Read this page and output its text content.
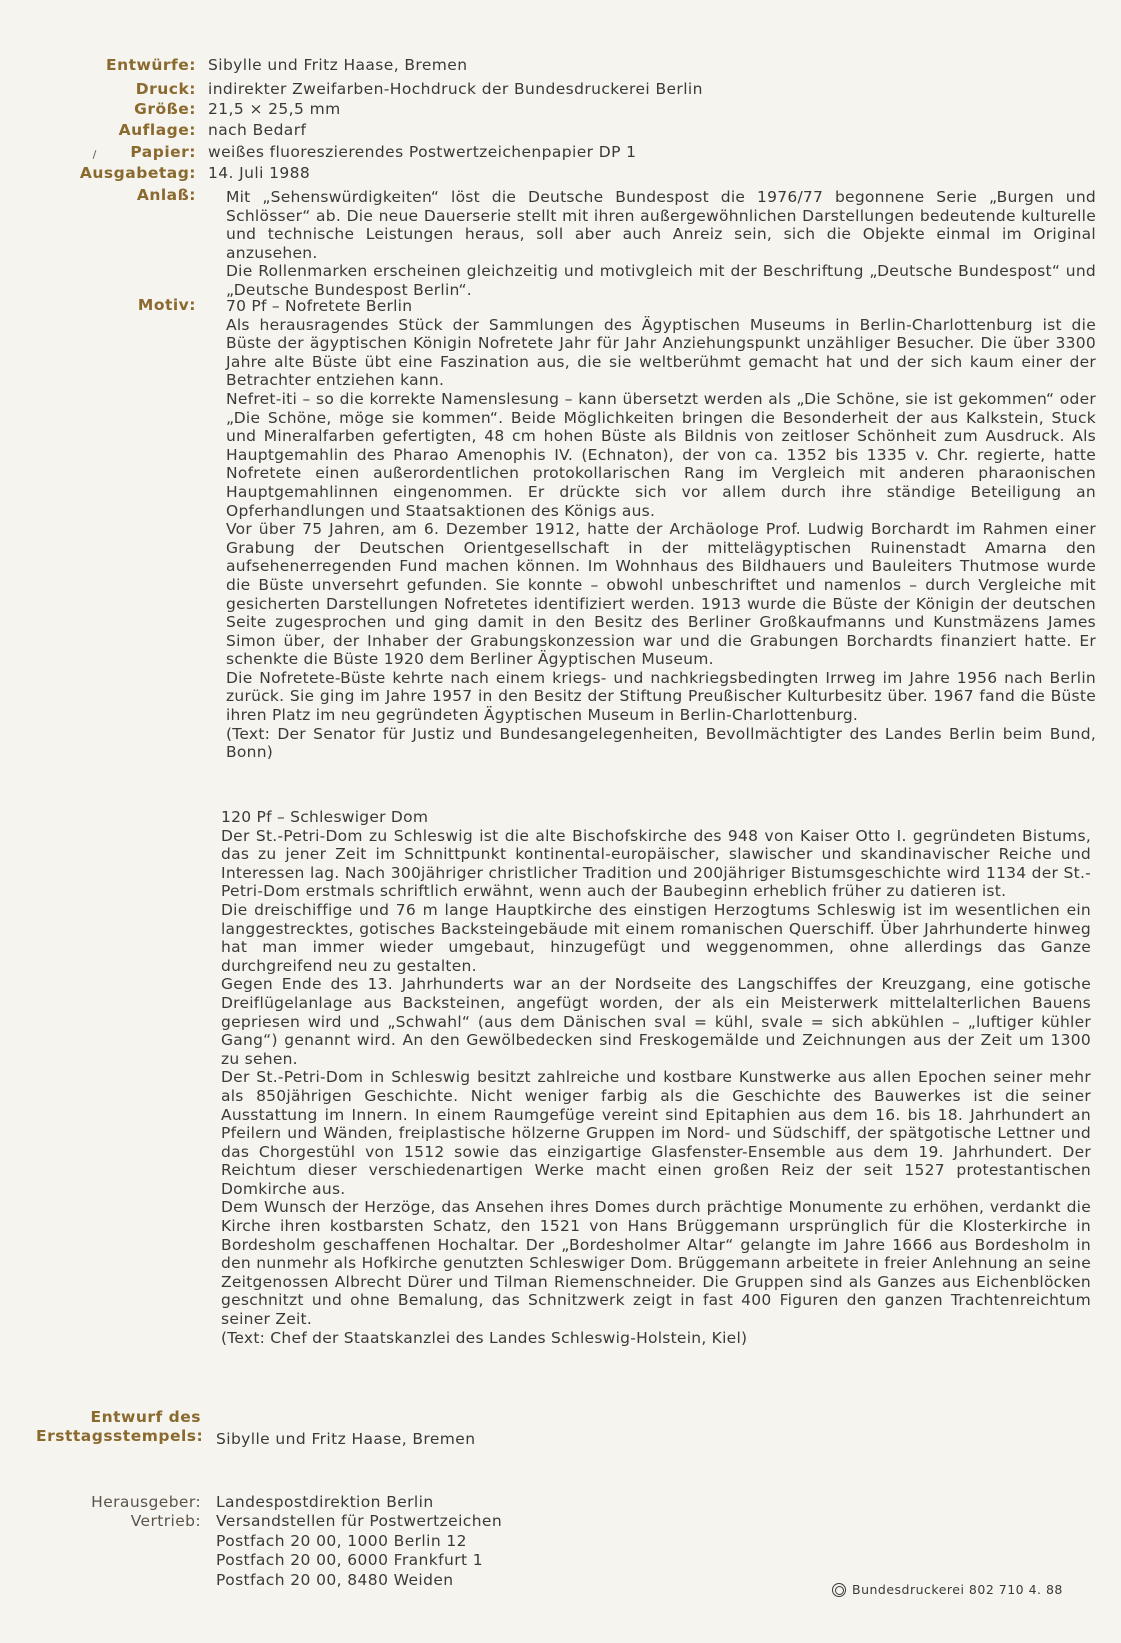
Entwürfe: Sibylle und Fritz Haase, Bremen
Druck: indirekter Zweifarben-Hochdruck der Bundesdruckerei Berlin
Größe: 21,5 × 25,5 mm
Auflage: nach Bedarf
Papier: weißes fluoreszierendes Postwertzeichenpapier DP 1
Ausgabetag: 14. Juli 1988
Anlaß:	Mit „Sehenswürdigkeiten“ löst die Deutsche Bundespost die 1976/77 begonnene Serie „Burgen und Schlösser“ ab. Die neue Dauerserie stellt mit ihren außergewöhnlichen Darstellungen bedeutende kulturelle und technische Leistungen heraus, soll aber auch Anreiz sein, sich die Objekte einmal im Original anzusehen.

Die Rollenmarken erscheinen gleichzeitig und motivgleich mit der Beschriftung „Deutsche Bundespost“ und „Deutsche Bundespost Berlin“.

Motiv:	70 Pf – Nofretete Berlin

Als herausragendes Stück der Sammlungen des Ägyptischen Museums in Berlin-Charlottenburg ist die Büste der ägyptischen Königin Nofretete Jahr für Jahr Anziehungspunkt unzähliger Besucher. Die über 3300 Jahre alte Büste übt eine Faszination aus, die sie weltberühmt gemacht hat und der sich kaum einer der Betrachter entziehen kann.

Nefret-iti – so die korrekte Namenslesung – kann übersetzt werden als „Die Schöne, sie ist gekommen“ oder „Die Schöne, möge sie kommen“. Beide Möglichkeiten bringen die Besonderheit der aus Kalkstein, Stuck und Mineralfarben gefertigten, 48 cm hohen Büste als Bildnis von zeitloser Schönheit zum Ausdruck. Als Hauptgemahlin des Pharao Amenophis IV. (Echnaton), der von ca. 1352 bis 1335 v. Chr. regierte, hatte Nofretete einen außerordentlichen protokollarischen Rang im Vergleich mit anderen pharaonischen Hauptgemahlinnen eingenommen. Er drückte sich vor allem durch ihre ständige Beteiligung an Opferhandlungen und Staatsaktionen des Königs aus.

Vor über 75 Jahren, am 6. Dezember 1912, hatte der Archäologe Prof. Ludwig Borchardt im Rahmen einer Grabung der Deutschen Orientgesellschaft in der mittelägyptischen Ruinenstadt Amarna den aufsehenerregenden Fund machen können. Im Wohnhaus des Bildhauers und Bauleiters Thutmose wurde die Büste unversehrt gefunden. Sie konnte – obwohl unbeschriftet und namenlos – durch Vergleiche mit gesicherten Darstellungen Nofretetes identifiziert werden. 1913 wurde die Büste der Königin der deutschen Seite zugesprochen und ging damit in den Besitz des Berliner Großkaufmanns und Kunstmäzens James Simon über, der Inhaber der Grabungskonzession war und die Grabungen Borchardts finanziert hatte. Er schenkte die Büste 1920 dem Berliner Ägyptischen Museum.

Die Nofretete-Büste kehrte nach einem kriegs- und nachkriegsbedingten Irrweg im Jahre 1956 nach Berlin zurück. Sie ging im Jahre 1957 in den Besitz der Stiftung Preußischer Kulturbesitz über. 1967 fand die Büste ihren Platz im neu gegründeten Ägyptischen Museum in Berlin-Charlottenburg.

(Text: Der Senator für Justiz und Bundesangelegenheiten, Bevollmächtigter des Landes Berlin beim Bund, Bonn)

120 Pf – Schleswiger Dom

Der St.-Petri-Dom zu Schleswig ist die alte Bischofskirche des 948 von Kaiser Otto I. gegründeten Bistums, das zu jener Zeit im Schnittpunkt kontinental-europäischer, slawischer und skandinavischer Reiche und Interessen lag. Nach 300jähriger christlicher Tradition und 200jähriger Bistumsgeschichte wird 1134 der St.-Petri-Dom erstmals schriftlich erwähnt, wenn auch der Baubeginn erheblich früher zu datieren ist.

Die dreischiffige und 76 m lange Hauptkirche des einstigen Herzogtums Schleswig ist im wesentlichen ein langgestrecktes, gotisches Backsteingebäude mit einem romanischen Querschiff. Über Jahrhunderte hinweg hat man immer wieder umgebaut, hinzugefügt und weggenommen, ohne allerdings das Ganze durchgreifend neu zu gestalten.

Gegen Ende des 13. Jahrhunderts war an der Nordseite des Langschiffes der Kreuzgang, eine gotische Dreiflügelanlage aus Backsteinen, angefügt worden, der als ein Meisterwerk mittelalterlichen Bauens gepriesen wird und „Schwahl“ (aus dem Dänischen sval = kühl, svale = sich abkühlen – „luftiger kühler Gang“) genannt wird. An den Gewölbedecken sind Freskogemälde und Zeichnungen aus der Zeit um 1300 zu sehen.

Der St.-Petri-Dom in Schleswig besitzt zahlreiche und kostbare Kunstwerke aus allen Epochen seiner mehr als 850jährigen Geschichte. Nicht weniger farbig als die Geschichte des Bauwerkes ist die seiner Ausstattung im Innern. In einem Raumgefüge vereint sind Epitaphien aus dem 16. bis 18. Jahrhundert an Pfeilern und Wänden, freiplastische hölzerne Gruppen im Nord- und Südschiff, der spätgotische Lettner und das Chorgestühl von 1512 sowie das einzigartige Glasfenster-Ensemble aus dem 19. Jahrhundert. Der Reichtum dieser verschiedenartigen Werke macht einen großen Reiz der seit 1527 protestantischen Domkirche aus.

Dem Wunsch der Herzöge, das Ansehen ihres Domes durch prächtige Monumente zu erhöhen, verdankt die Kirche ihren kostbarsten Schatz, den 1521 von Hans Brüggemann ursprünglich für die Klosterkirche in Bordesholm geschaffenen Hochaltar. Der „Bordesholmer Altar“ gelangte im Jahre 1666 aus Bordesholm in den nunmehr als Hofkirche genutzten Schleswiger Dom. Brüggemann arbeitete in freier Anlehnung an seine Zeitgenossen Albrecht Dürer und Tilman Riemenschneider. Die Gruppen sind als Ganzes aus Eichenblöcken geschnitzt und ohne Bemalung, das Schnitzwerk zeigt in fast 400 Figuren den ganzen Trachtenreichtum seiner Zeit.

(Text: Chef der Staatskanzlei des Landes Schleswig-Holstein, Kiel)

Entwurf des
Ersttagsstempels: Sibylle und Fritz Haase, Bremen
Herausgeber: Landespostdirektion Berlin
Vertrieb: Versandstellen für Postwertzeichen
Postfach 20 00, 1000 Berlin 12
Postfach 20 00, 6000 Frankfurt 1
Postfach 20 00, 8480 Weiden
Bundesdruckerei 802 710 4. 88
